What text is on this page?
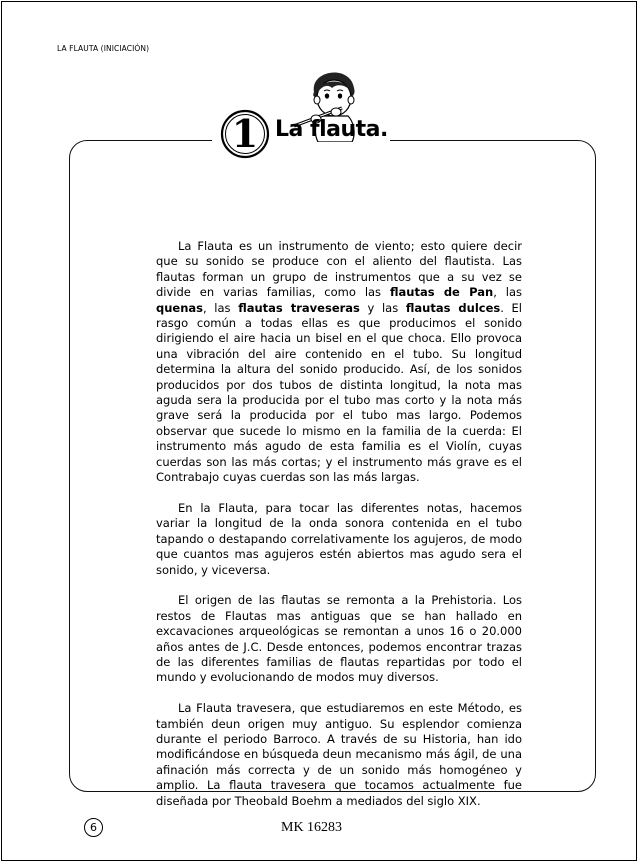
LA FLAUTA (INICIACIÓN)
1 La flauta.

La Flauta es un instrumento de viento; esto quiere decir que su sonido se produce con el aliento del flautista. Las flautas forman un grupo de instrumentos que a su vez se divide en varias familias, como las flautas de Pan, las quenas, las flautas traveseras y las flautas dulces. El rasgo común a todas ellas es que producimos el sonido dirigiendo el aire hacia un bisel en el que choca. Ello provoca una vibración del aire contenido en el tubo. Su longitud determina la altura del sonido producido. Así, de los sonidos producidos por dos tubos de distinta longitud, la nota mas aguda sera la producida por el tubo mas corto y la nota más grave será la producida por el tubo mas largo. Podemos observar que sucede lo mismo en la familia de la cuerda: El instrumento más agudo de esta familia es el Violín, cuyas cuerdas son las más cortas; y el instrumento más grave es el Contrabajo cuyas cuerdas son las más largas.

En la Flauta, para tocar las diferentes notas, hacemos variar la longitud de la onda sonora contenida en el tubo tapando o destapando correlativamente los agujeros, de modo que cuantos mas agujeros estén abiertos mas agudo sera el sonido, y viceversa.

El origen de las flautas se remonta a la Prehistoria. Los restos de Flautas mas antiguas que se han hallado en excavaciones arqueológicas se remontan a unos 16 o 20.000 años antes de J.C. Desde entonces, podemos encontrar trazas de las diferentes familias de flautas repartidas por todo el mundo y evolucionando de modos muy diversos.

La Flauta travesera, que estudiaremos en este Método, es también deun origen muy antiguo. Su esplendor comienza durante el periodo Barroco. A través de su Historia, han ido modificándose en búsqueda deun mecanismo más ágil, de una afinación más correcta y de un sonido más homogéneo y amplio. La flauta travesera que tocamos actualmente fue diseñada por Theobald Boehm a mediados del siglo XIX.

6	MK 16283
